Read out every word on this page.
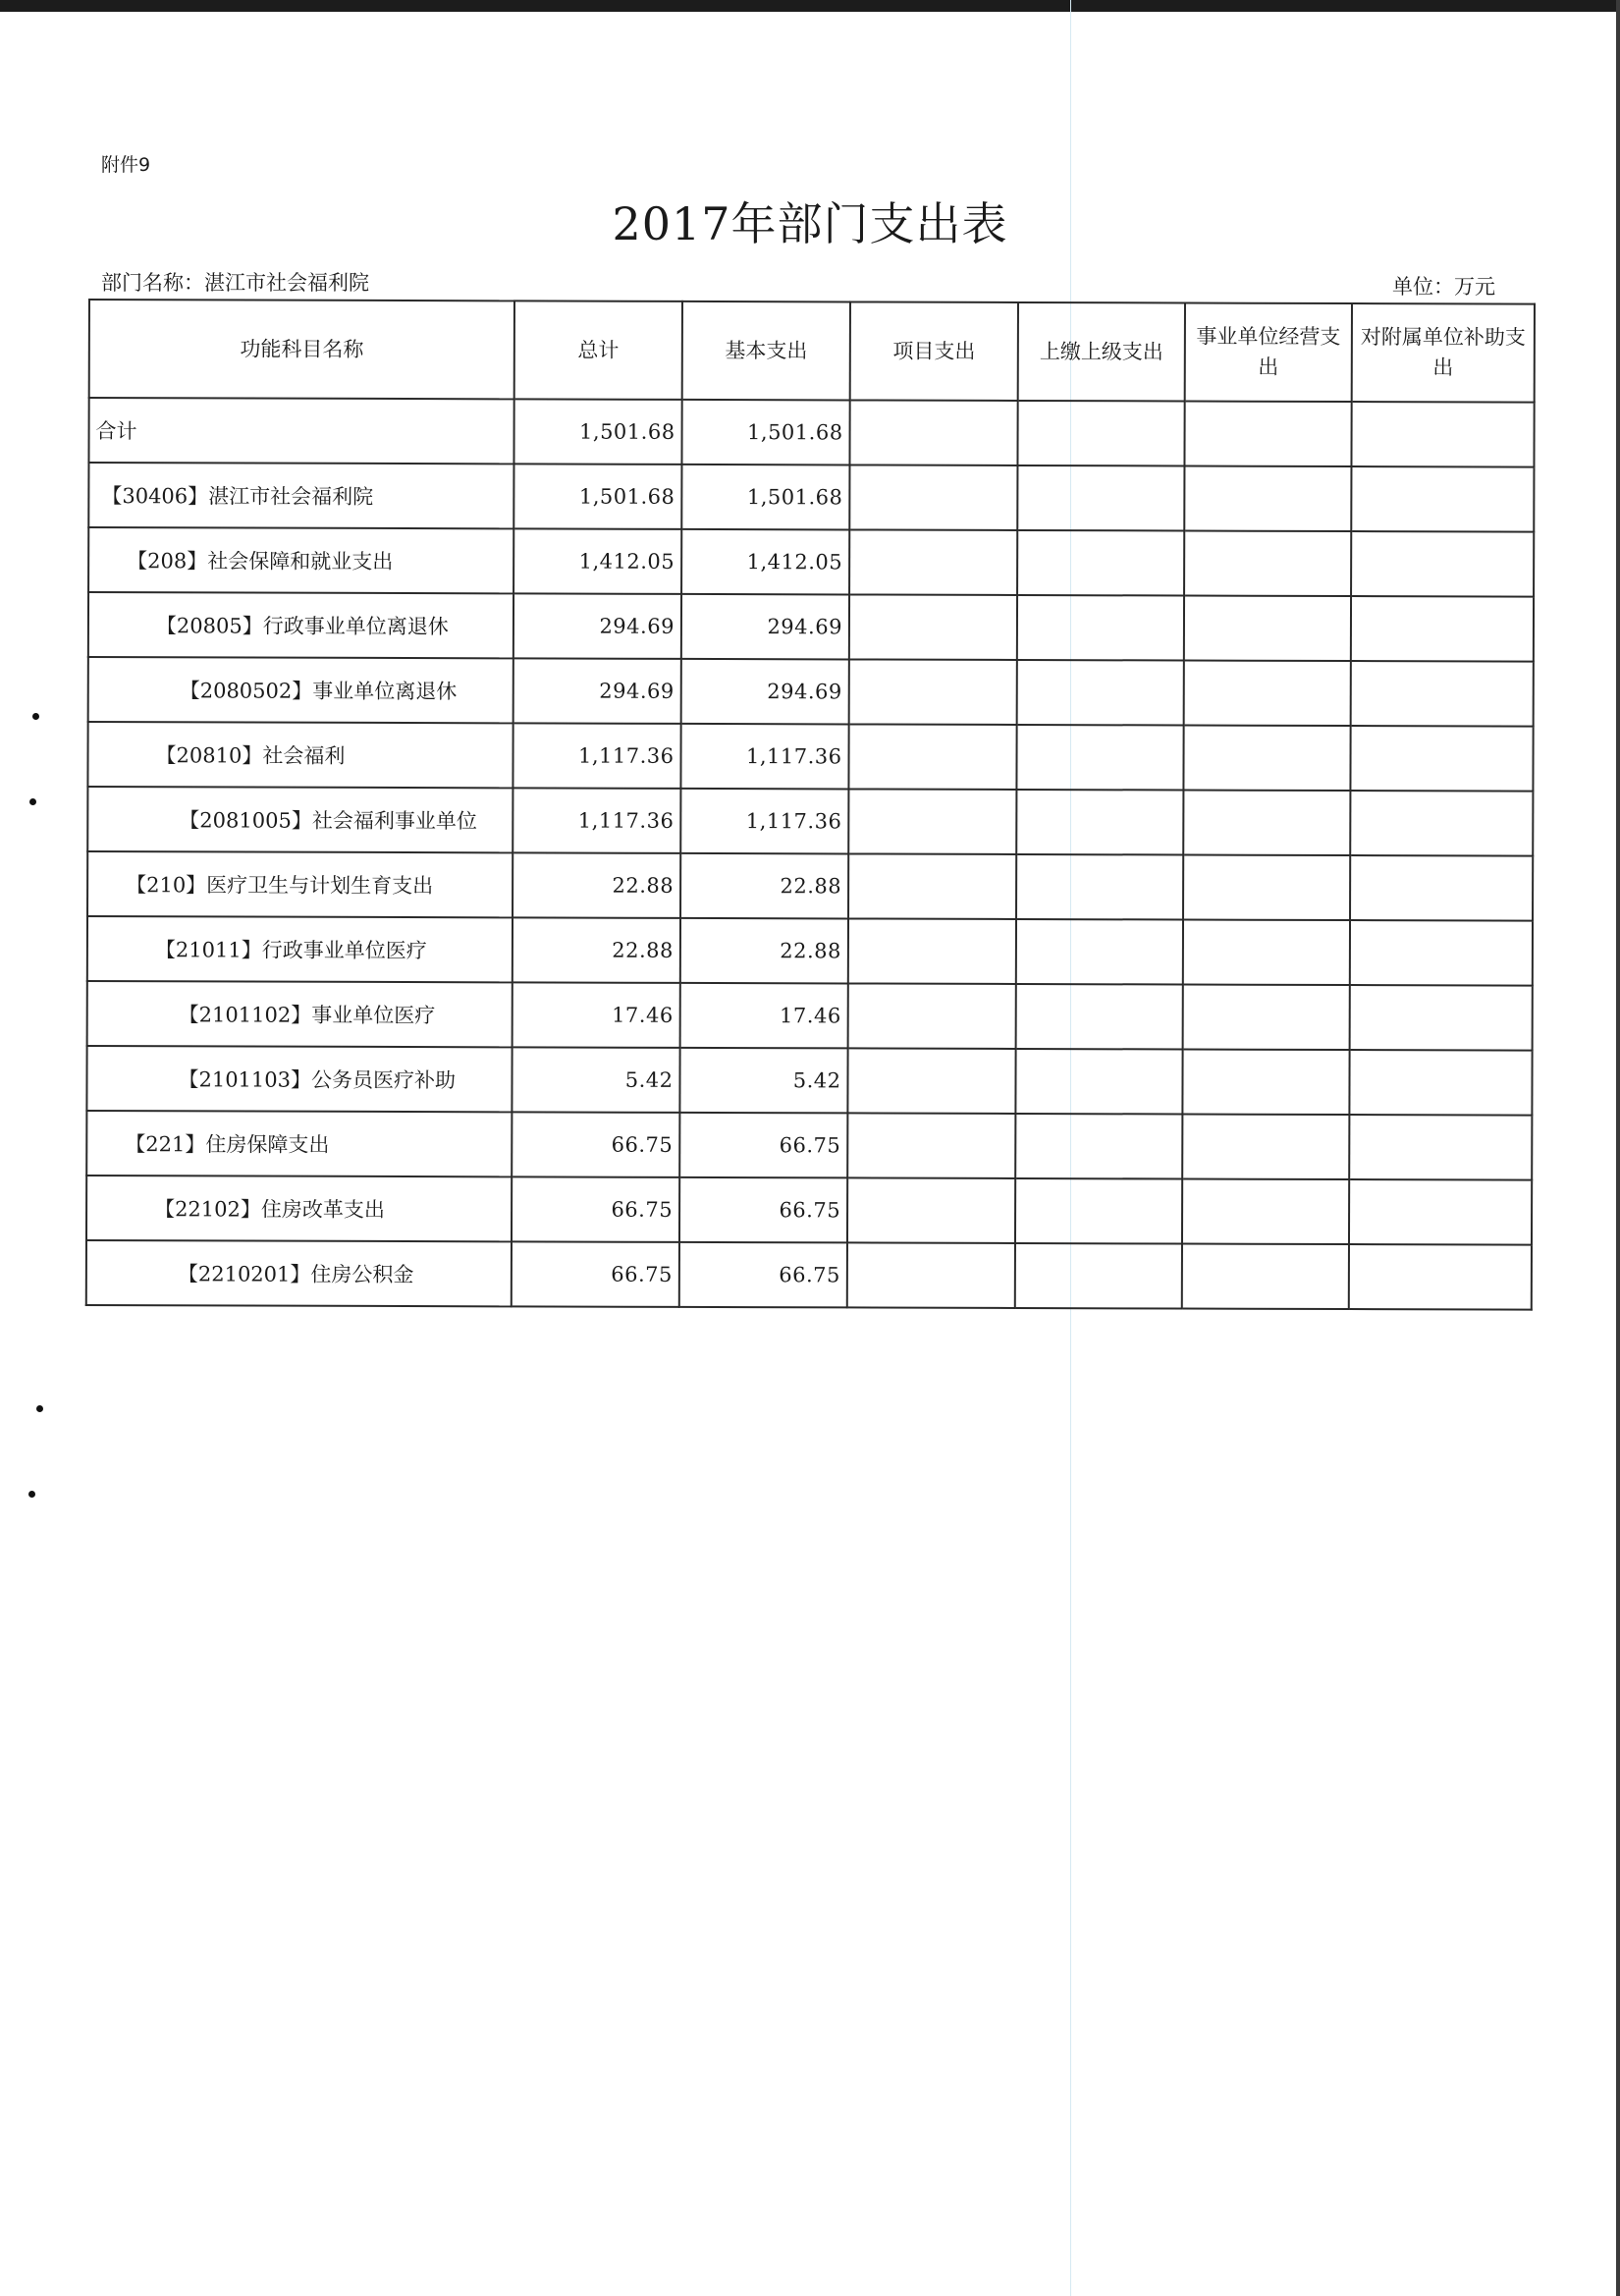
附件9
2017年部门支出表
部门名称：湛江市社会福利院	单位：万元
功能科目名称	总计	基本支出	项目支出	上缴上级支出	事业单位经营支出	对附属单位补助支出
合计	1,501.68	1,501.68				
【30406】湛江市社会福利院	1,501.68	1,501.68				
【208】社会保障和就业支出	1,412.05	1,412.05				
【20805】行政事业单位离退休	294.69	294.69				
【2080502】事业单位离退休	294.69	294.69				
【20810】社会福利	1,117.36	1,117.36				
【2081005】社会福利事业单位	1,117.36	1,117.36				
【210】医疗卫生与计划生育支出	22.88	22.88				
【21011】行政事业单位医疗	22.88	22.88				
【2101102】事业单位医疗	17.46	17.46				
【2101103】公务员医疗补助	5.42	5.42				
【221】住房保障支出	66.75	66.75				
【22102】住房改革支出	66.75	66.75				
【2210201】住房公积金	66.75	66.75				
